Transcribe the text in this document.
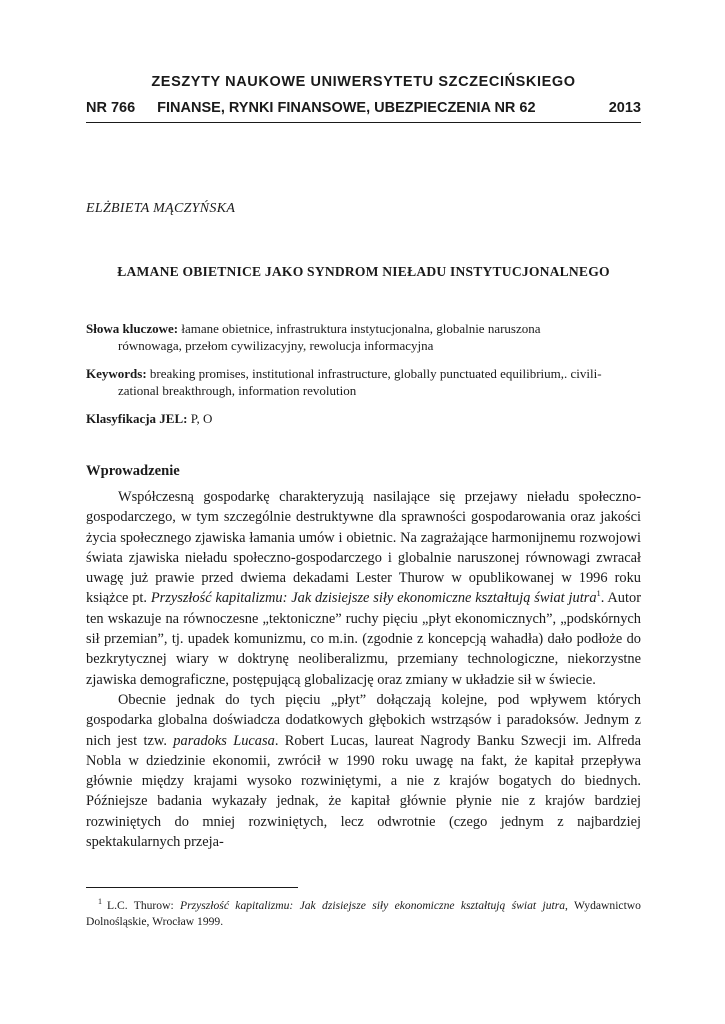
ZESZYTY NAUKOWE UNIWERSYTETU SZCZECIŃSKIEGO
NR 766 FINANSE, RYNKI FINANSOWE, UBEZPIECZENIA NR 62	2013
ELŻBIETA MĄCZYŃSKA
ŁAMANE OBIETNICE JAKO SYNDROM NIEŁADU INSTYTUCJONALNEGO
Słowa kluczowe: łamane obietnice, infrastruktura instytucjonalna, globalnie naruszona
równowaga, przełom cywilizacyjny, rewolucja informacyjna
Keywords: breaking promises, institutional infrastructure, globally punctuated equilibrium,. civili-
zational breakthrough, information revolution
Klasyfikacja JEL: P, O
Wprowadzenie

Współczesną gospodarkę charakteryzują nasilające się przejawy nieładu społeczno-gospodarczego, w tym szczególnie destruktywne dla sprawności gospodarowania oraz jakości życia społecznego zjawiska łamania umów i obietnic. Na zagrażające harmonijnemu rozwojowi świata zjawiska nieładu społeczno-gospodarczego i globalnie naruszonej równowagi zwracał uwagę już prawie przed dwiema dekadami Lester Thurow w opublikowanej w 1996 roku książce pt. Przyszłość kapitalizmu: Jak dzisiejsze siły ekonomiczne kształtują świat jutra$^1$. Autor ten wskazuje na równoczesne „tektoniczne” ruchy pięciu „płyt ekonomicznych”, „podskórnych sił przemian”, tj. upadek komunizmu, co m.in. (zgodnie z koncepcją wahadła) dało podłoże do bezkrytycznej wiary w doktrynę neoliberalizmu, przemiany technologiczne, niekorzystne zjawiska demograficzne, postępującą globalizację oraz zmiany w układzie sił w świecie.

Obecnie jednak do tych pięciu „płyt” dołączają kolejne, pod wpływem których gospodarka globalna doświadcza dodatkowych głębokich wstrząsów i paradoksów. Jednym z nich jest tzw. paradoks Lucasa. Robert Lucas, laureat Nagrody Banku Szwecji im. Alfreda Nobla w dziedzinie ekonomii, zwrócił w 1990 roku uwagę na fakt, że kapitał przepływa głównie między krajami wysoko rozwiniętymi, a nie z krajów bogatych do biednych. Późniejsze badania wykazały jednak, że kapitał głównie płynie nie z krajów bardziej rozwiniętych do mniej rozwiniętych, lecz odwrotnie (czego jednym z najbardziej spektakularnych przeja-

1 L.C. Thurow: Przyszłość kapitalizmu: Jak dzisiejsze siły ekonomiczne kształtują świat jutra, Wydawnictwo Dolnośląskie, Wrocław 1999.
